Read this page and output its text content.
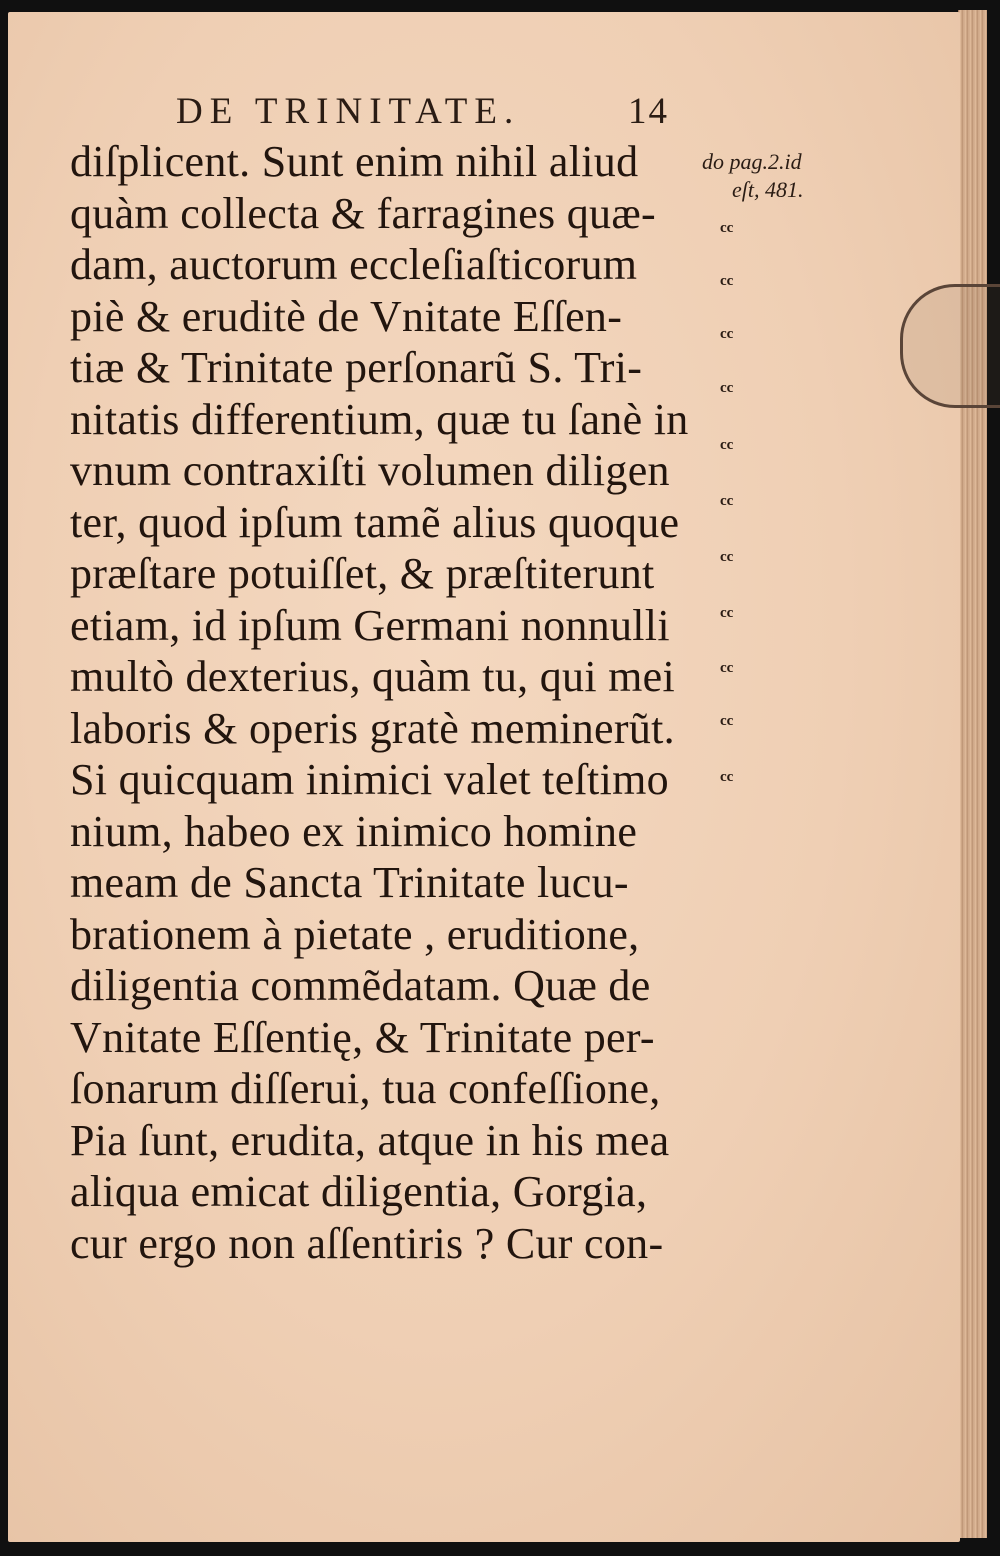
DE TRINITATE.	14
diſplicent. Sunt enim nihil aliud
quàm collecta & farragines quæ-
dam, auctorum eccleſiaſticorum
piè & eruditè de Vnitate Eſſen-
tiæ & Trinitate perſonarũ S. Tri-
nitatis differentium, quæ tu ſanè in
vnum contraxiſti volumen diligen
ter, quod ipſum tamẽ alius quoque
præſtare potuiſſet, & præſtiterunt
etiam, id ipſum Germani nonnulli
multò dexterius, quàm tu, qui mei
laboris & operis gratè meminerũt.
Si quicquam inimici valet teſtimo
nium, habeo ex inimico homine
meam de Sancta Trinitate lucu-
brationem à pietate , eruditione,
diligentia commẽdatam. Quæ de
Vnitate Eſſentię, & Trinitate per-
ſonarum diſſerui, tua confeſſione,
Pia ſunt, erudita, atque in his mea
aliqua emicat diligentia, Gorgia,
cur ergo non aſſentiris ? Cur con-
do pag.2.id
eſt, 481.
cc
cc
cc
cc
cc
cc
cc
cc
cc
cc
cc
